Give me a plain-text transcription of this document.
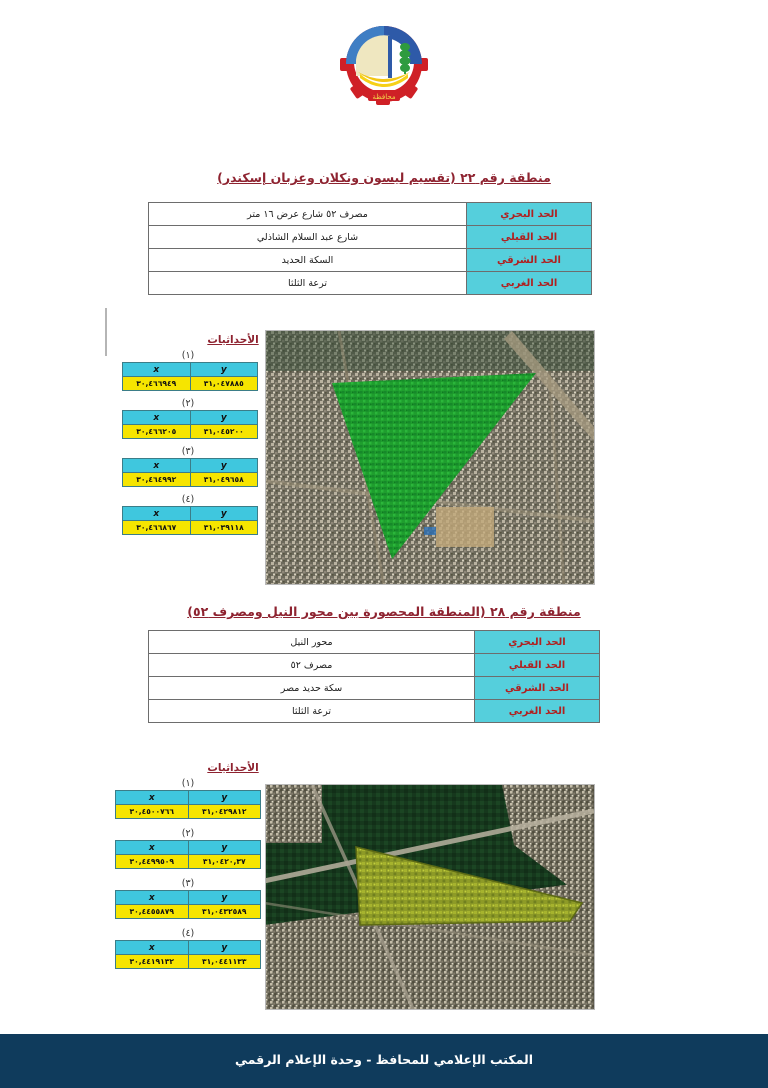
محافظة
منطقة رقم ٢٢ (تقسيم ليسون ونكلان وعزبان إسكندر)
الحد البحري	مصرف ٥٢ شارع عرض ١٦ متر
الحد القبلي	شارع عبد السلام الشاذلي
الحد الشرقي	السكة الحديد
الحد الغربي	ترعة الثلثا
الأحداثيات
(١)
y	x
٣١,٠٤٧٨٨٥	٣٠,٤٦٦٩٤٩
(٢)
y	x
٣١,٠٤٥٢٠٠	٣٠,٤٦٦٢٠٥
(٣)
y	x
٣١,٠٤٩٦٥٨	٣٠,٤٦٤٩٩٢
(٤)
y	x
٣١,٠٣٩١١٨	٣٠,٤٦٦٨٦٧
منطقة رقم ٢٨ (المنطقة المحصورة بين محور النيل ومصرف ٥٢)
الحد البحري	محور النيل
الحد القبلي	مصرف ٥٢
الحد الشرقي	سكة حديد مصر
الحد الغربي	ترعة الثلثا
الأحداثيات
(١)
y	x
٣١,٠٤٢٩٨١٢	٣٠,٤٥٠٠٧٦٦
(٢)
y	x
٣١,٠٤٢٠,٣٧	٣٠,٤٤٩٩٥٠٩
(٣)
y	x
٣١,٠٤٣٢٥٨٩	٣٠,٤٤٥٥٨٧٩
(٤)
y	x
٣١,٠٤٤١١٣٣	٣٠,٤٤١٩١٣٢
المكتب الإعلامي للمحافظ - وحدة الإعلام الرقمي
